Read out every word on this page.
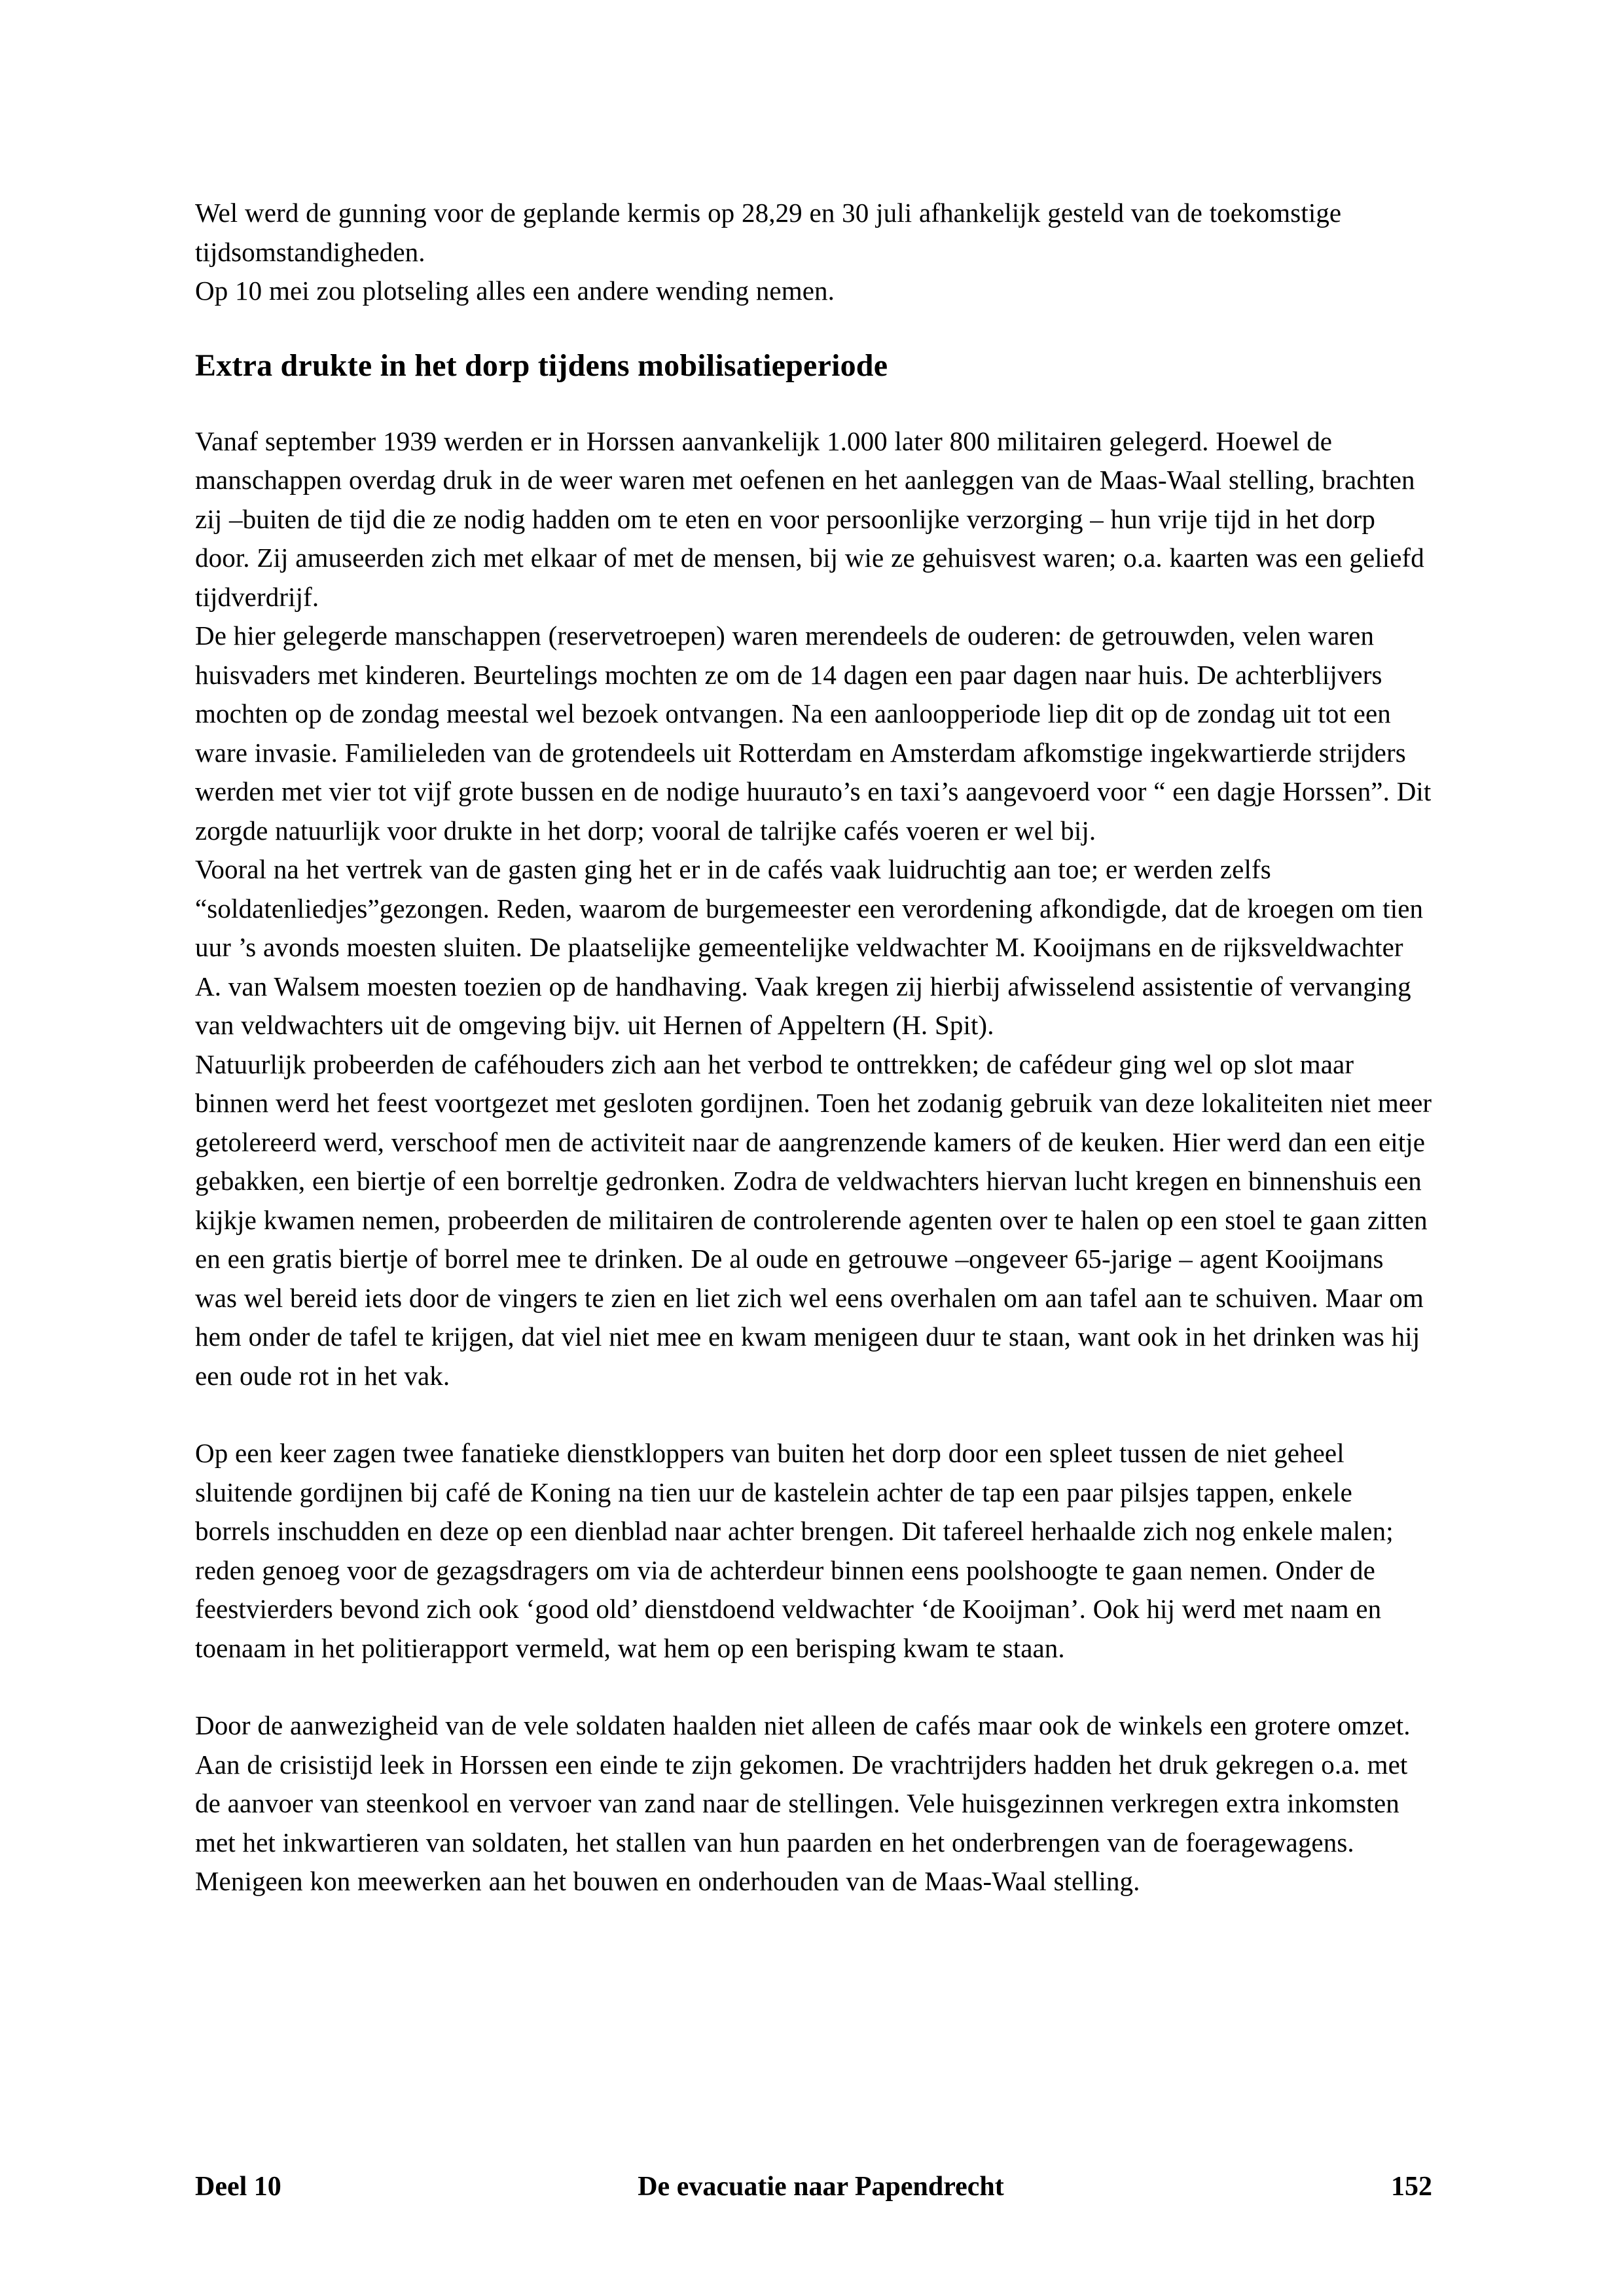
Wel werd de gunning voor de geplande kermis op 28,29 en 30 juli afhankelijk gesteld van de toekomstige tijdsomstandigheden.

Op 10 mei zou plotseling alles een andere wending nemen.

Extra drukte in het dorp tijdens mobilisatieperiode

Vanaf september 1939 werden er in Horssen aanvankelijk 1.000 later 800 militairen gelegerd. Hoewel de manschappen overdag druk in de weer waren met oefenen en het aanleggen van de Maas-Waal stelling, brachten zij –buiten de tijd die ze nodig hadden om te eten en voor persoonlijke verzorging – hun vrije tijd in het dorp door. Zij amuseerden zich met elkaar of met de mensen, bij wie ze gehuisvest waren; o.a. kaarten was een geliefd tijdverdrijf.

De hier gelegerde manschappen (reservetroepen) waren merendeels de ouderen: de getrouwden, velen waren huisvaders met kinderen. Beurtelings mochten ze om de 14 dagen een paar dagen naar huis. De achterblijvers mochten op de zondag meestal wel bezoek ontvangen. Na een aanloopperiode liep dit op de zondag uit tot een ware invasie. Familieleden van de grotendeels uit Rotterdam en Amsterdam afkomstige ingekwartierde strijders werden met vier tot vijf grote bussen en de nodige huurauto’s en taxi’s aangevoerd voor “ een dagje Horssen”. Dit zorgde natuurlijk voor drukte in het dorp; vooral de talrijke cafés voeren er wel bij.

Vooral na het vertrek van de gasten ging het er in de cafés vaak luidruchtig aan toe; er werden zelfs “soldatenliedjes”gezongen. Reden, waarom de burgemeester een verordening afkondigde, dat de kroegen om tien uur ’s avonds moesten sluiten. De plaatselijke gemeentelijke veldwachter M. Kooijmans en de rijksveldwachter A. van Walsem moesten toezien op de handhaving. Vaak kregen zij hierbij afwisselend assistentie of vervanging van veldwachters uit de omgeving bijv. uit Hernen of Appeltern (H. Spit).

Natuurlijk probeerden de caféhouders zich aan het verbod te onttrekken; de cafédeur ging wel op slot maar binnen werd het feest voortgezet met gesloten gordijnen. Toen het zodanig gebruik van deze lokaliteiten niet meer getolereerd werd, verschoof men de activiteit naar de aangrenzende kamers of de keuken. Hier werd dan een eitje gebakken, een biertje of een borreltje gedronken. Zodra de veldwachters hiervan lucht kregen en binnenshuis een kijkje kwamen nemen, probeerden de militairen de controlerende agenten over te halen op een stoel te gaan zitten en een gratis biertje of borrel mee te drinken. De al oude en getrouwe –ongeveer 65-jarige – agent Kooijmans was wel bereid iets door de vingers te zien en liet zich wel eens overhalen om aan tafel aan te schuiven. Maar om hem onder de tafel te krijgen, dat viel niet mee en kwam menigeen duur te staan, want ook in het drinken was hij een oude rot in het vak.

Op een keer zagen twee fanatieke dienstkloppers van buiten het dorp door een spleet tussen de niet geheel sluitende gordijnen bij café de Koning na tien uur de kastelein achter de tap een paar pilsjes tappen, enkele borrels inschudden en deze op een dienblad naar achter brengen. Dit tafereel herhaalde zich nog enkele malen; reden genoeg voor de gezagsdragers om via de achterdeur binnen eens poolshoogte te gaan nemen. Onder de feestvierders bevond zich ook ‘good old’ dienstdoend veldwachter ‘de Kooijman’. Ook hij werd met naam en toenaam in het politierapport vermeld, wat hem op een berisping kwam te staan.

Door de aanwezigheid van de vele soldaten haalden niet alleen de cafés maar ook de winkels een grotere omzet. Aan de crisistijd leek in Horssen een einde te zijn gekomen. De vrachtrijders hadden het druk gekregen o.a. met de aanvoer van steenkool en vervoer van zand naar de stellingen. Vele huisgezinnen verkregen extra inkomsten met het inkwartieren van soldaten, het stallen van hun paarden en het onderbrengen van de foeragewagens. Menigeen kon meewerken aan het bouwen en onderhouden van de Maas-Waal stelling.

Deel 10	De evacuatie naar Papendrecht	152
